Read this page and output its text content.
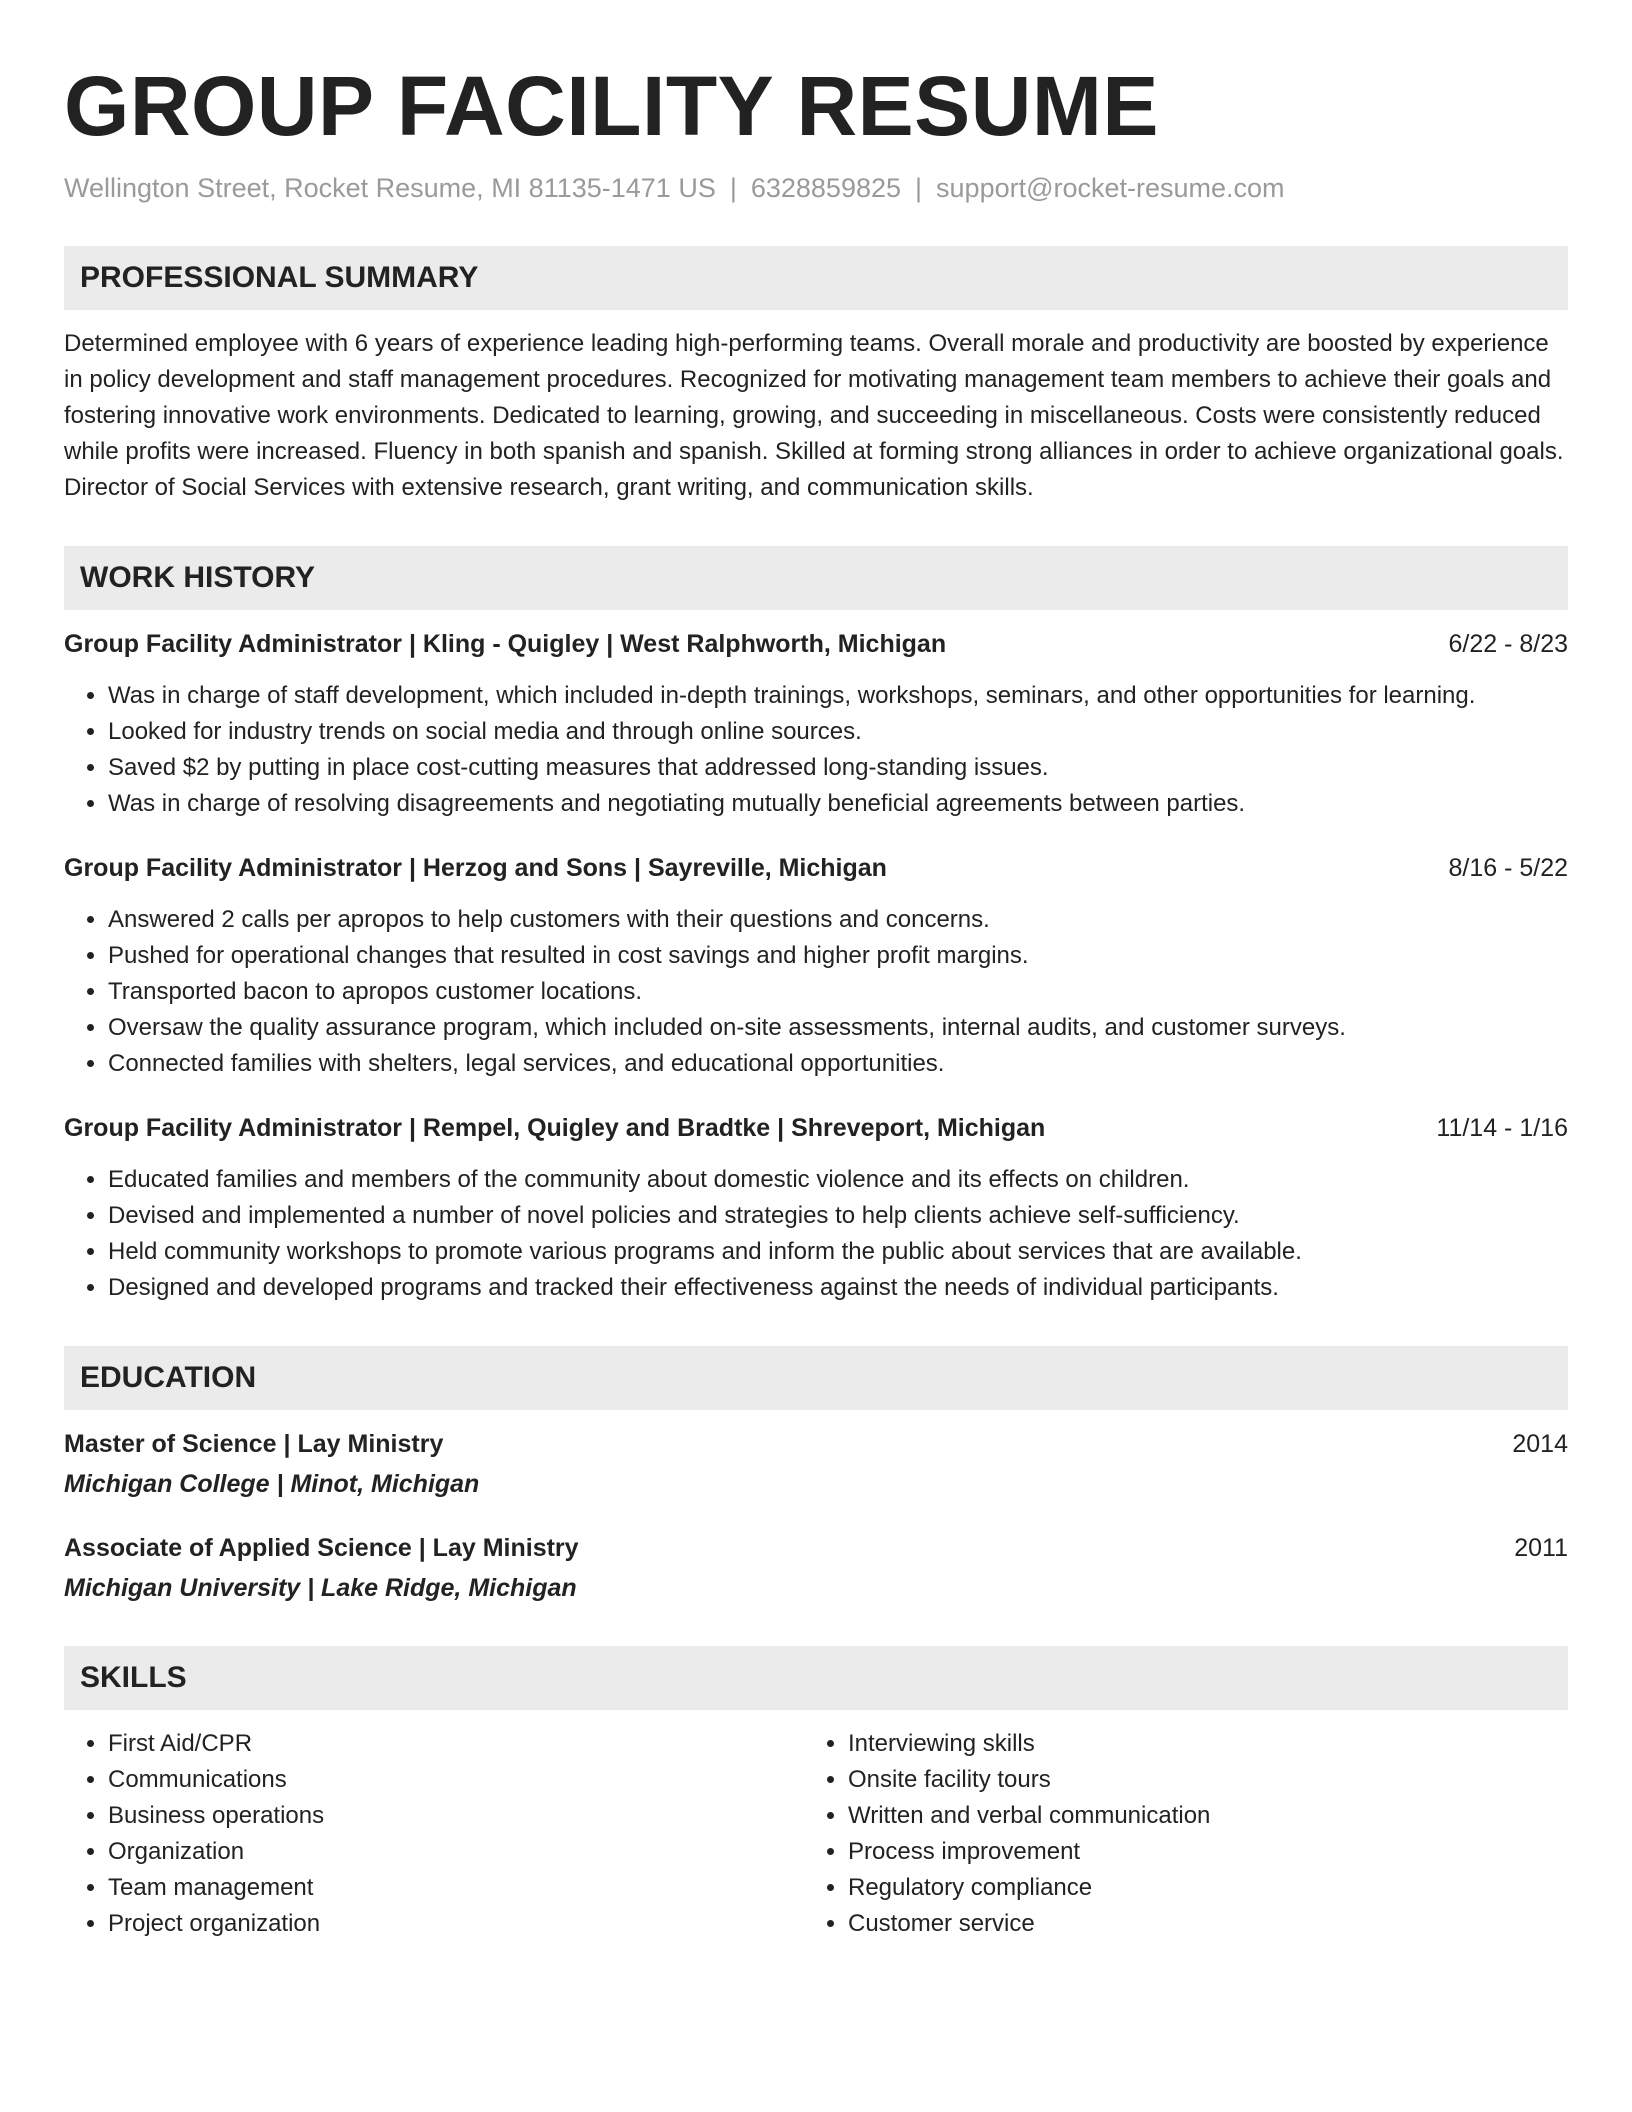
GROUP FACILITY RESUME
Wellington Street, Rocket Resume, MI 81135-1471 US | 6328859825 | support@rocket-resume.com
PROFESSIONAL SUMMARY
Determined employee with 6 years of experience leading high-performing teams. Overall morale and productivity are boosted by experience in policy development and staff management procedures. Recognized for motivating management team members to achieve their goals and fostering innovative work environments. Dedicated to learning, growing, and succeeding in miscellaneous. Costs were consistently reduced while profits were increased. Fluency in both spanish and spanish. Skilled at forming strong alliances in order to achieve organizational goals. Director of Social Services with extensive research, grant writing, and communication skills.
WORK HISTORY
Group Facility Administrator | Kling - Quigley | West Ralphworth, Michigan	6/22 - 8/23
• Was in charge of staff development, which included in-depth trainings, workshops, seminars, and other opportunities for learning.
• Looked for industry trends on social media and through online sources.
• Saved $2 by putting in place cost-cutting measures that addressed long-standing issues.
• Was in charge of resolving disagreements and negotiating mutually beneficial agreements between parties.
Group Facility Administrator | Herzog and Sons | Sayreville, Michigan	8/16 - 5/22
• Answered 2 calls per apropos to help customers with their questions and concerns.
• Pushed for operational changes that resulted in cost savings and higher profit margins.
• Transported bacon to apropos customer locations.
• Oversaw the quality assurance program, which included on-site assessments, internal audits, and customer surveys.
• Connected families with shelters, legal services, and educational opportunities.
Group Facility Administrator | Rempel, Quigley and Bradtke | Shreveport, Michigan	11/14 - 1/16
• Educated families and members of the community about domestic violence and its effects on children.
• Devised and implemented a number of novel policies and strategies to help clients achieve self-sufficiency.
• Held community workshops to promote various programs and inform the public about services that are available.
• Designed and developed programs and tracked their effectiveness against the needs of individual participants.
EDUCATION
Master of Science | Lay Ministry	2014
Michigan College | Minot, Michigan
Associate of Applied Science | Lay Ministry	2011
Michigan University | Lake Ridge, Michigan
SKILLS
• First Aid/CPR
• Communications
• Business operations
• Organization
• Team management
• Project organization
• Interviewing skills
• Onsite facility tours
• Written and verbal communication
• Process improvement
• Regulatory compliance
• Customer service
